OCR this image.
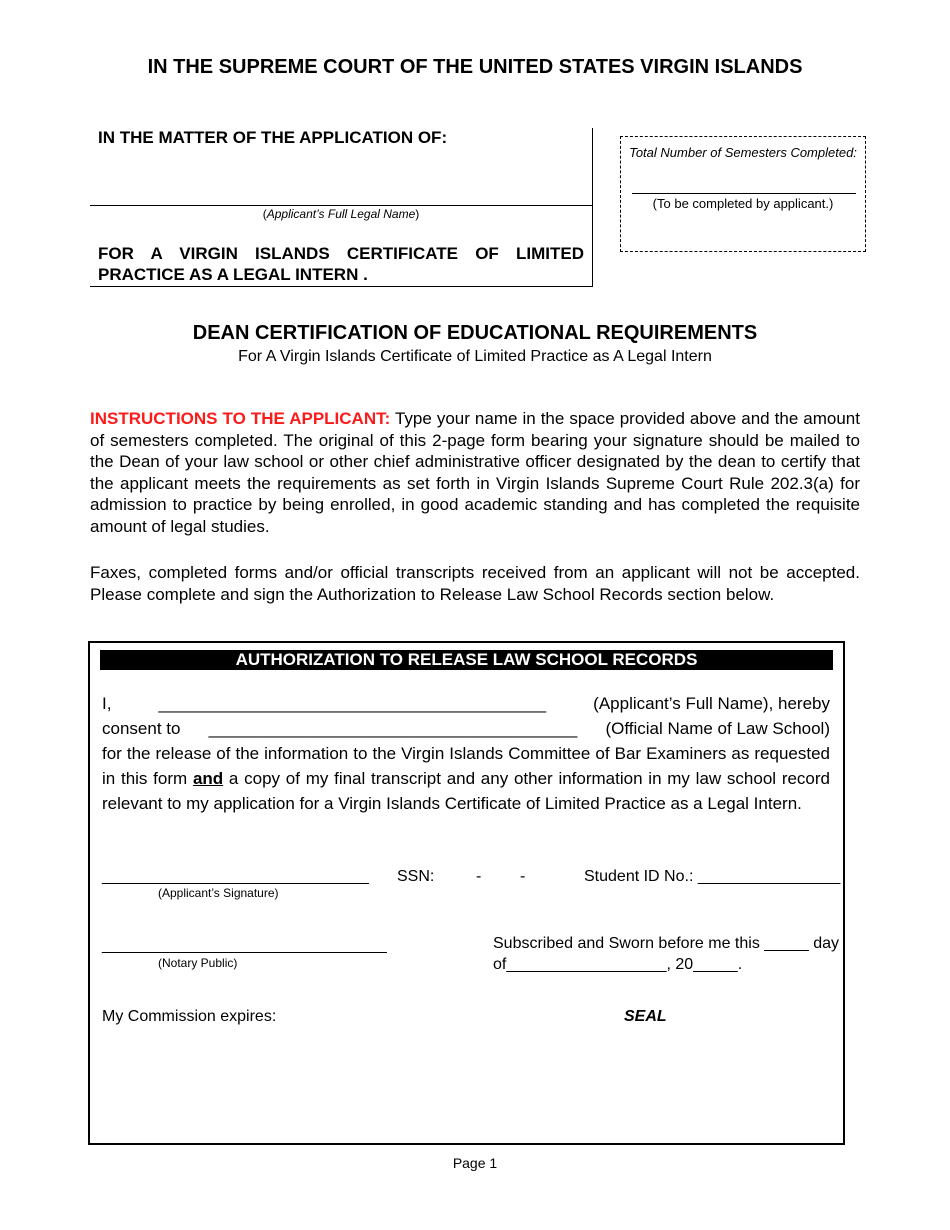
IN THE SUPREME COURT OF THE UNITED STATES VIRGIN ISLANDS
IN THE MATTER OF THE APPLICATION OF:
(Applicant’s Full Legal Name)
FOR A VIRGIN ISLANDS CERTIFICATE OF LIMITED PRACTICE AS A LEGAL INTERN .
Total Number of Semesters Completed:
(To be completed by applicant.)
DEAN CERTIFICATION OF EDUCATIONAL REQUIREMENTS
For A Virgin Islands Certificate of Limited Practice as A Legal Intern
INSTRUCTIONS TO THE APPLICANT: Type your name in the space provided above and the amount of semesters completed. The original of this 2-page form bearing your signature should be mailed to the Dean of your law school or other chief administrative officer designated by the dean to certify that the applicant meets the requirements as set forth in Virgin Islands Supreme Court Rule 202.3(a) for admission to practice by being enrolled, in good academic standing and has completed the requisite amount of legal studies.
Faxes, completed forms and/or official transcripts received from an applicant will not be accepted. Please complete and sign the Authorization to Release Law School Records section below.
AUTHORIZATION TO RELEASE LAW SCHOOL RECORDS
I,	_________________________________________	(Applicant’s Full Name), hereby
consent to _______________________________________ (Official Name of Law School)
for the release of the information to the Virgin Islands Committee of Bar Examiners as requested in this form and a copy of my final transcript and any other information in my law school record relevant to my application for a Virgin Islands Certificate of Limited Practice as a Legal Intern.
______________________________
(Applicant’s Signature)
SSN:	- -	Student ID No.: ________________
________________________________
(Notary Public)
Subscribed and Sworn before me this _____ day
of__________________, 20_____.
My Commission expires:	SEAL
Page 1
